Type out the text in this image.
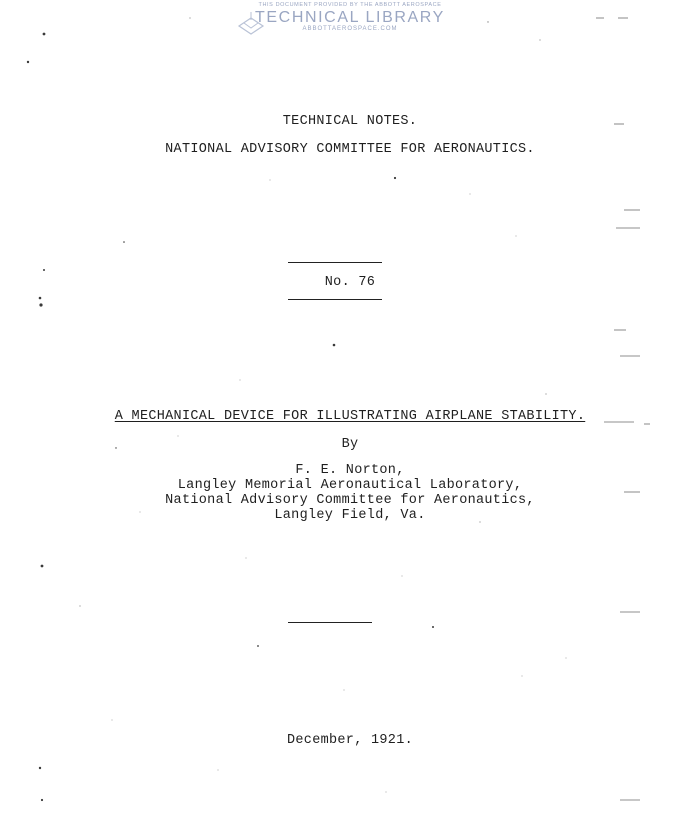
THIS DOCUMENT PROVIDED BY THE ABBOTT AEROSPACE
TECHNICAL LIBRARY
ABBOTTAEROSPACE.COM
TECHNICAL NOTES.
NATIONAL ADVISORY COMMITTEE FOR AERONAUTICS.
No. 76
A MECHANICAL DEVICE FOR ILLUSTRATING AIRPLANE STABILITY.
By
F. E. Norton,
Langley Memorial Aeronautical Laboratory,
National Advisory Committee for Aeronautics,
Langley Field, Va.
December, 1921.
